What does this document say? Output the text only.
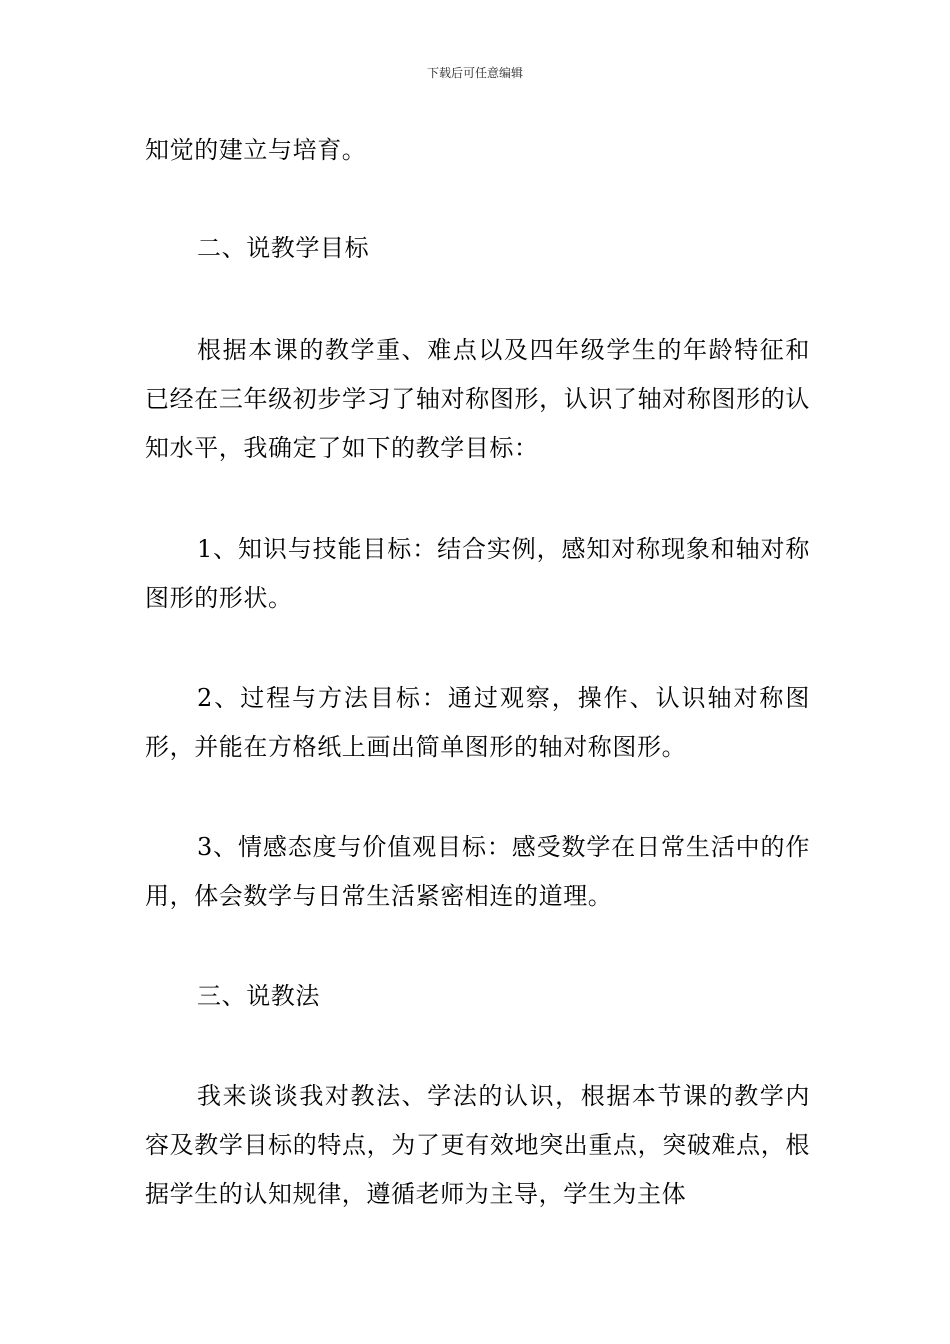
下载后可任意编辑

知觉的建立与培育。

二、说教学目标

根据本课的教学重、难点以及四年级学生的年龄特征和已经在三年级初步学习了轴对称图形，认识了轴对称图形的认知水平，我确定了如下的教学目标：

1、知识与技能目标：结合实例，感知对称现象和轴对称图形的形状。

2、过程与方法目标：通过观察，操作、认识轴对称图形，并能在方格纸上画出简单图形的轴对称图形。

3、情感态度与价值观目标：感受数学在日常生活中的作用，体会数学与日常生活紧密相连的道理。

三、说教法

我来谈谈我对教法、学法的认识，根据本节课的教学内容及教学目标的特点，为了更有效地突出重点，突破难点，根据学生的认知规律，遵循老师为主导，学生为主体
